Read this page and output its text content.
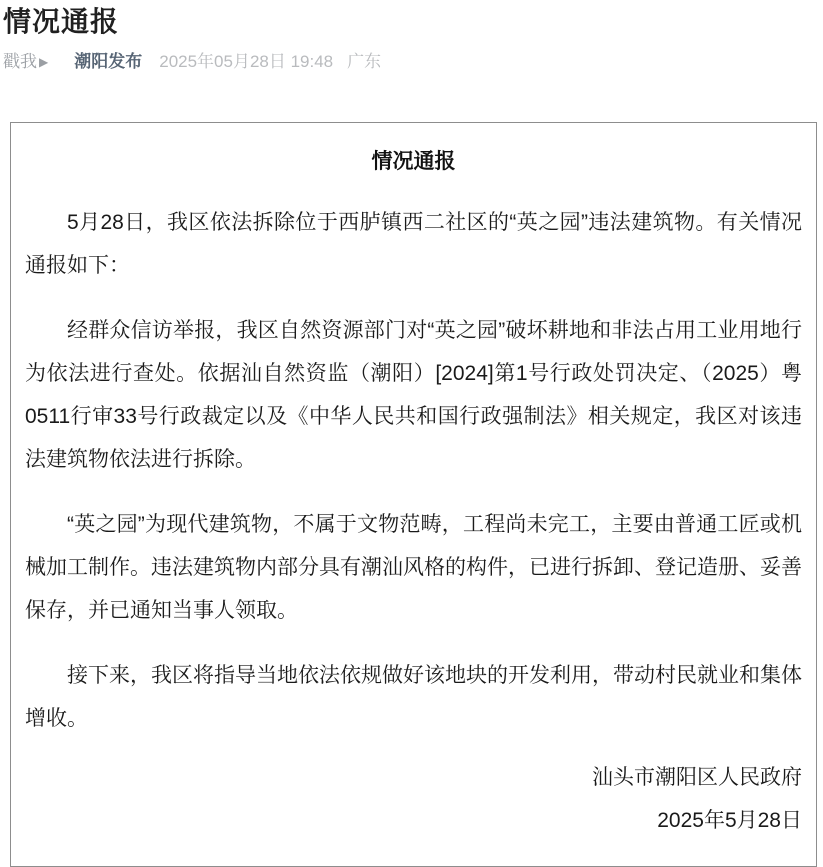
情况通报
戳我 ▶ 潮阳发布 2025年05月28日 19:48 广东
情况通报

5月28日，我区依法拆除位于西胪镇西二社区的“英之园”违法建筑物。有关情况通报如下：

经群众信访举报，我区自然资源部门对“英之园”破坏耕地和非法占用工业用地行为依法进行查处。依据汕自然资监（潮阳）[2024]第1号行政处罚决定、（2025）粤0511行审33号行政裁定以及《中华人民共和国行政强制法》相关规定，我区对该违法建筑物依法进行拆除。

“英之园”为现代建筑物，不属于文物范畴，工程尚未完工，主要由普通工匠或机械加工制作。违法建筑物内部分具有潮汕风格的构件，已进行拆卸、登记造册、妥善保存，并已通知当事人领取。

接下来，我区将指导当地依法依规做好该地块的开发利用，带动村民就业和集体增收。

汕头市潮阳区人民政府
2025年5月28日
